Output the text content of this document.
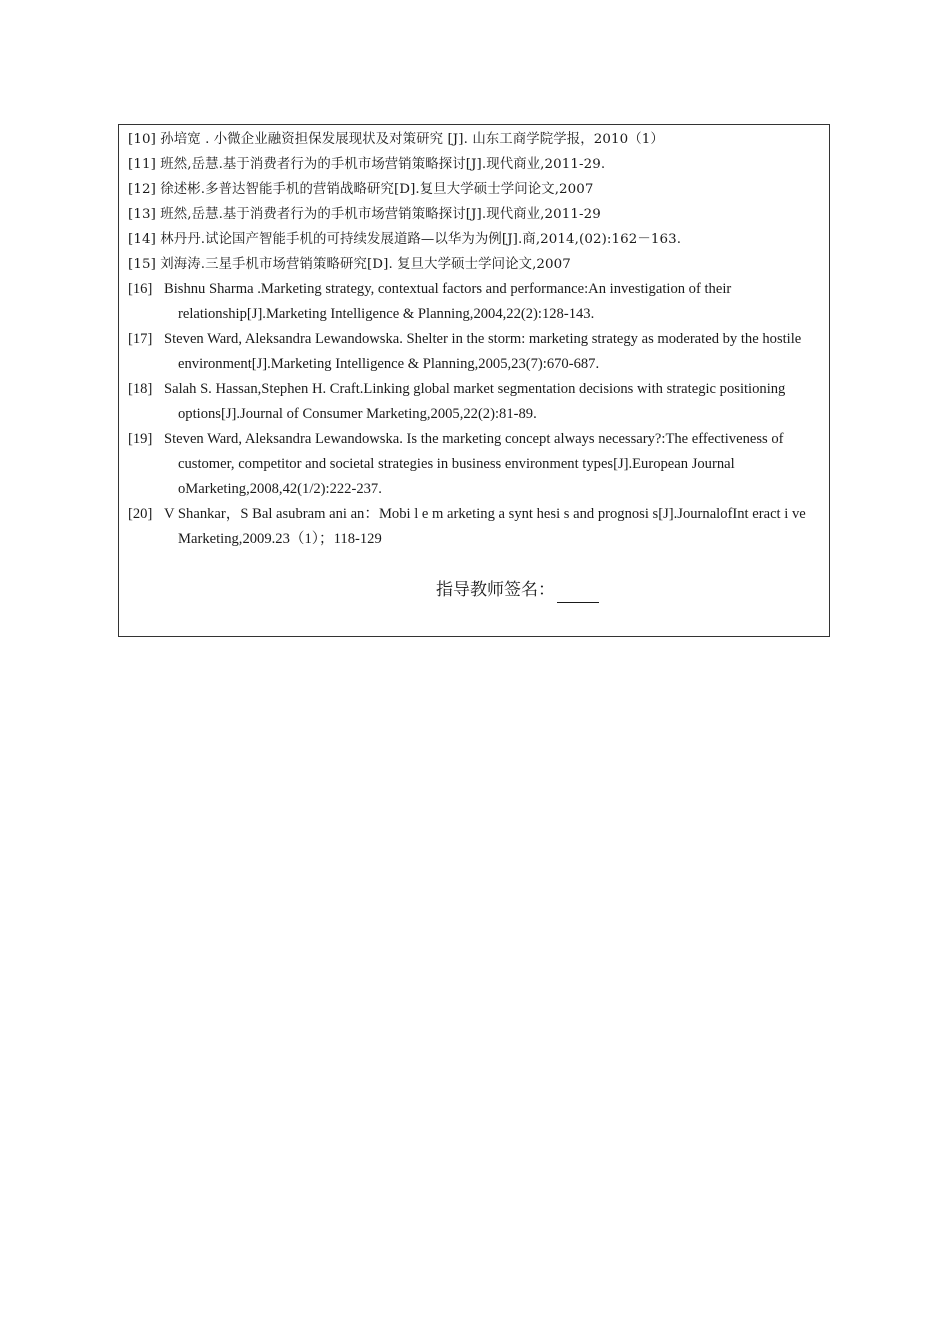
[10] 孙培宽 . 小微企业融资担保发展现状及对策研究 [J]. 山东工商学院学报，2010（1）
[11] 班然,岳慧.基于消费者行为的手机市场营销策略探讨[J].现代商业,2011-29.
[12] 徐述彬.多普达智能手机的营销战略研究[D].复旦大学硕士学问论文,2007
[13] 班然,岳慧.基于消费者行为的手机市场营销策略探讨[J].现代商业,2011-29
[14] 林丹丹.试论国产智能手机的可持续发展道路—以华为为例[J].商,2014,(02):162－163.
[15] 刘海涛.三星手机市场营销策略研究[D]. 复旦大学硕士学问论文,2007
[16] Bishnu Sharma .Marketing strategy, contextual factors and performance:An investigation of their relationship[J].Marketing Intelligence & Planning,2004,22(2):128-143.
[17] Steven Ward, Aleksandra Lewandowska. Shelter in the storm: marketing strategy as moderated by the hostile environment[J].Marketing Intelligence & Planning,2005,23(7):670-687.
[18] Salah S. Hassan,Stephen H. Craft.Linking global market segmentation decisions with strategic positioning options[J].Journal of Consumer Marketing,2005,22(2):81-89.
[19] Steven Ward, Aleksandra Lewandowska. Is the marketing concept always necessary?:The effectiveness of customer, competitor and societal strategies in business environment types[J].European Journal oMarketing,2008,42(1/2):222-237.
[20] V Shankar，S Bal asubram ani an：Mobi l e m arketing a synt hesi s and prognosi s[J].JournalofInt eract i ve Marketing,2009.23（1）；118-129
指导教师签名：
